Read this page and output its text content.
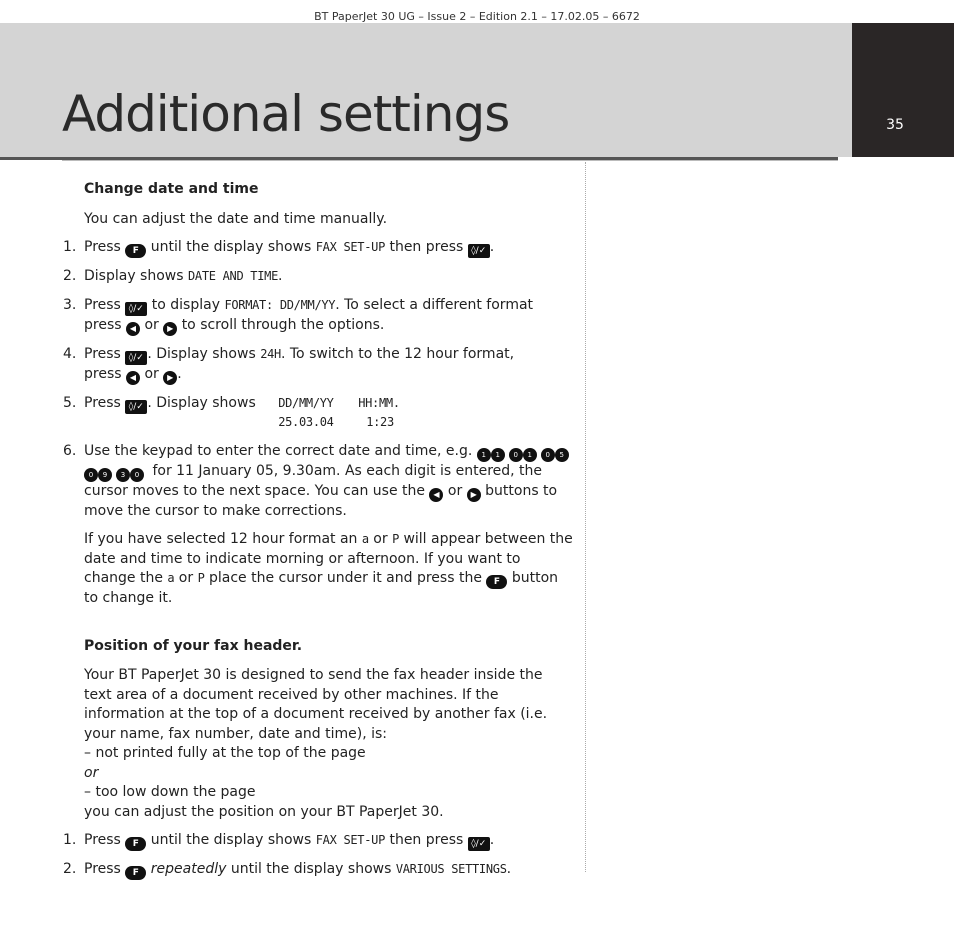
BT PaperJet 30 UG – Issue 2 – Edition 2.1 – 17.02.05 – 6672
Additional settings	35
Change date and time

You can adjust the date and time manually.

1. Press F until the display shows FAX SET-UP then press ◊/✓ .
2. Display shows DATE AND TIME.
3. Press ◊/✓ to display FORMAT: DD/MM/YY. To select a different format press ◀ or ▶ to scroll through the options.
4. Press ◊/✓ . Display shows 24H. To switch to the 12 hour format,
press ◀ or ▶ .
5. Press ◊/✓ . Display shows DD/MM/YY HH:MM.
25.03.04	1:23
6. Use the keypad to enter the correct date and time, e.g. 1 1 0 1 0 5 0 9 3 0 for 11 January 05, 9.30am. As each digit is entered, the cursor moves to the next space. You can use the ◀ or ▶ buttons to move the cursor to make corrections.

If you have selected 12 hour format an a or P will appear between the date and time to indicate morning or afternoon. If you want to change the a or P place the cursor under it and press the F button to change it.

Position of your fax header.

Your BT PaperJet 30 is designed to send the fax header inside the text area of a document received by other machines. If the information at the top of a document received by another fax (i.e. your name, fax number, date and time), is:

– not printed fully at the top of the page

or

– too low down the page

you can adjust the position on your BT PaperJet 30.

1. Press F until the display shows FAX SET-UP then press ◊/✓ .
2. Press F repeatedly until the display shows VARIOUS SETTINGS.
